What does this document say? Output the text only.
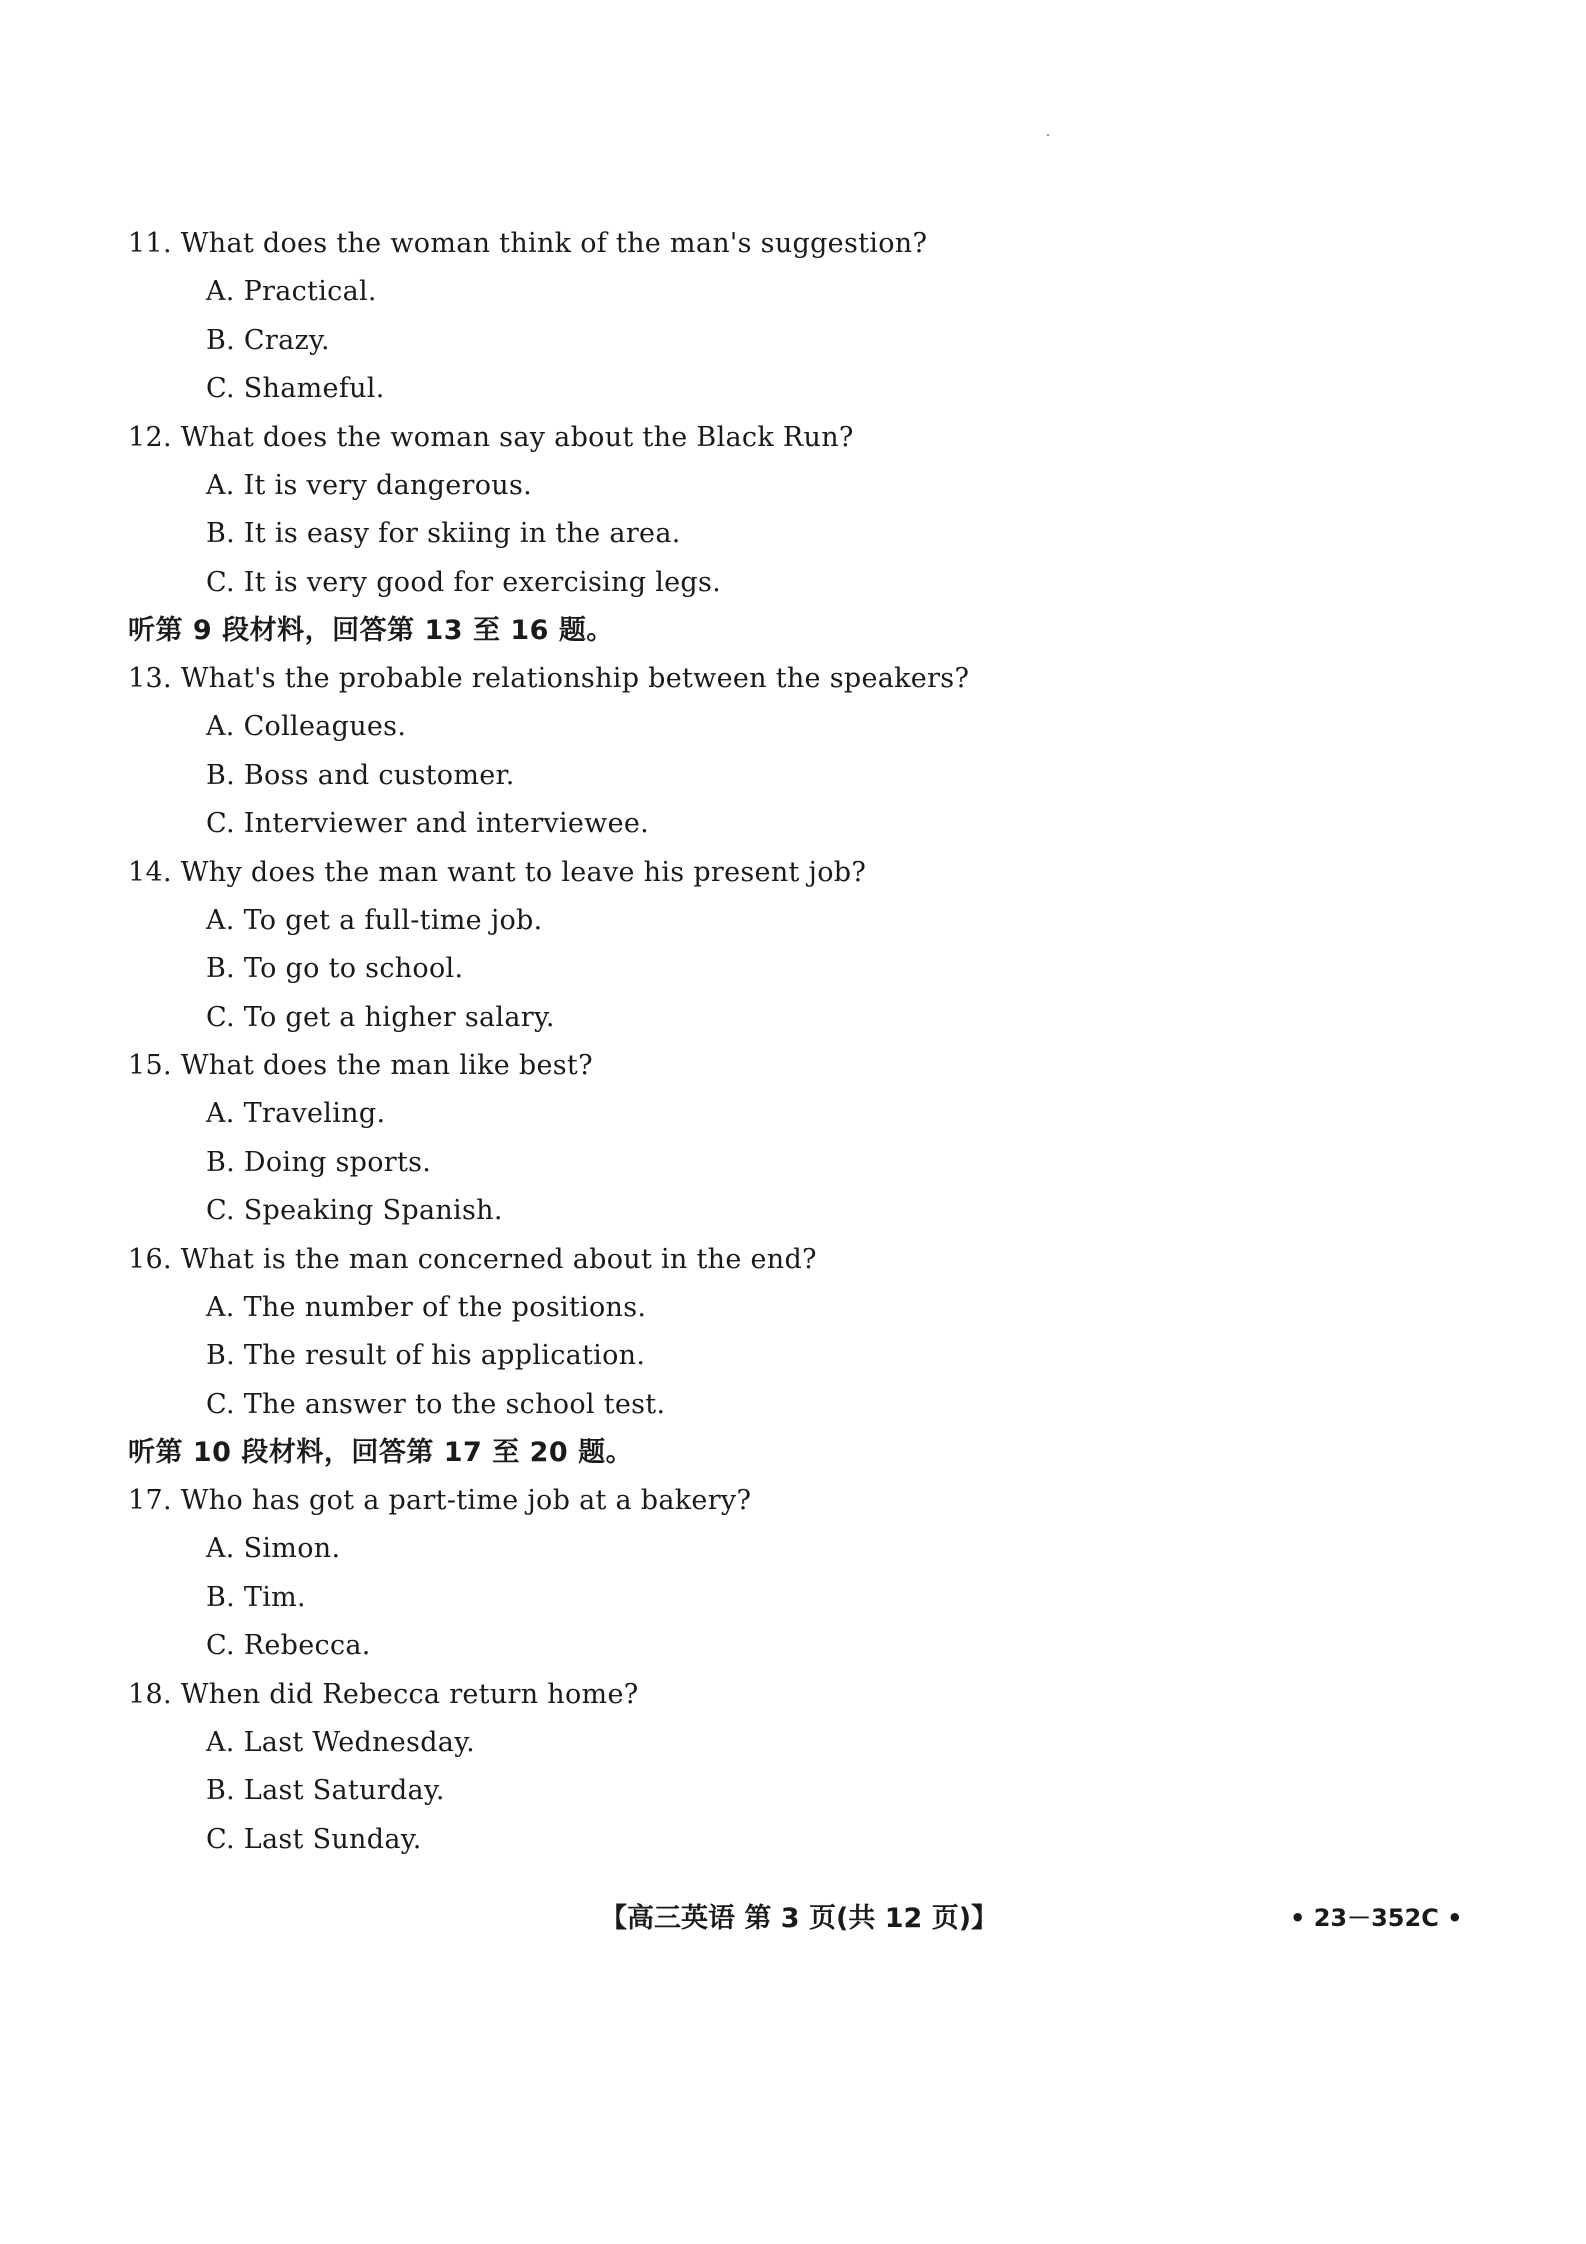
11. What does the woman think of the man's suggestion?
A. Practical.
B. Crazy.
C. Shameful.
12. What does the woman say about the Black Run?
A. It is very dangerous.
B. It is easy for skiing in the area.
C. It is very good for exercising legs.
听第 9 段材料，回答第 13 至 16 题。
13. What's the probable relationship between the speakers?
A. Colleagues.
B. Boss and customer.
C. Interviewer and interviewee.
14. Why does the man want to leave his present job?
A. To get a full-time job.
B. To go to school.
C. To get a higher salary.
15. What does the man like best?
A. Traveling.
B. Doing sports.
C. Speaking Spanish.
16. What is the man concerned about in the end?
A. The number of the positions.
B. The result of his application.
C. The answer to the school test.
听第 10 段材料，回答第 17 至 20 题。
17. Who has got a part-time job at a bakery?
A. Simon.
B. Tim.
C. Rebecca.
18. When did Rebecca return home?
A. Last Wednesday.
B. Last Saturday.
C. Last Sunday.
【高三英语 第 3 页(共 12 页)】	• 23－352C •
